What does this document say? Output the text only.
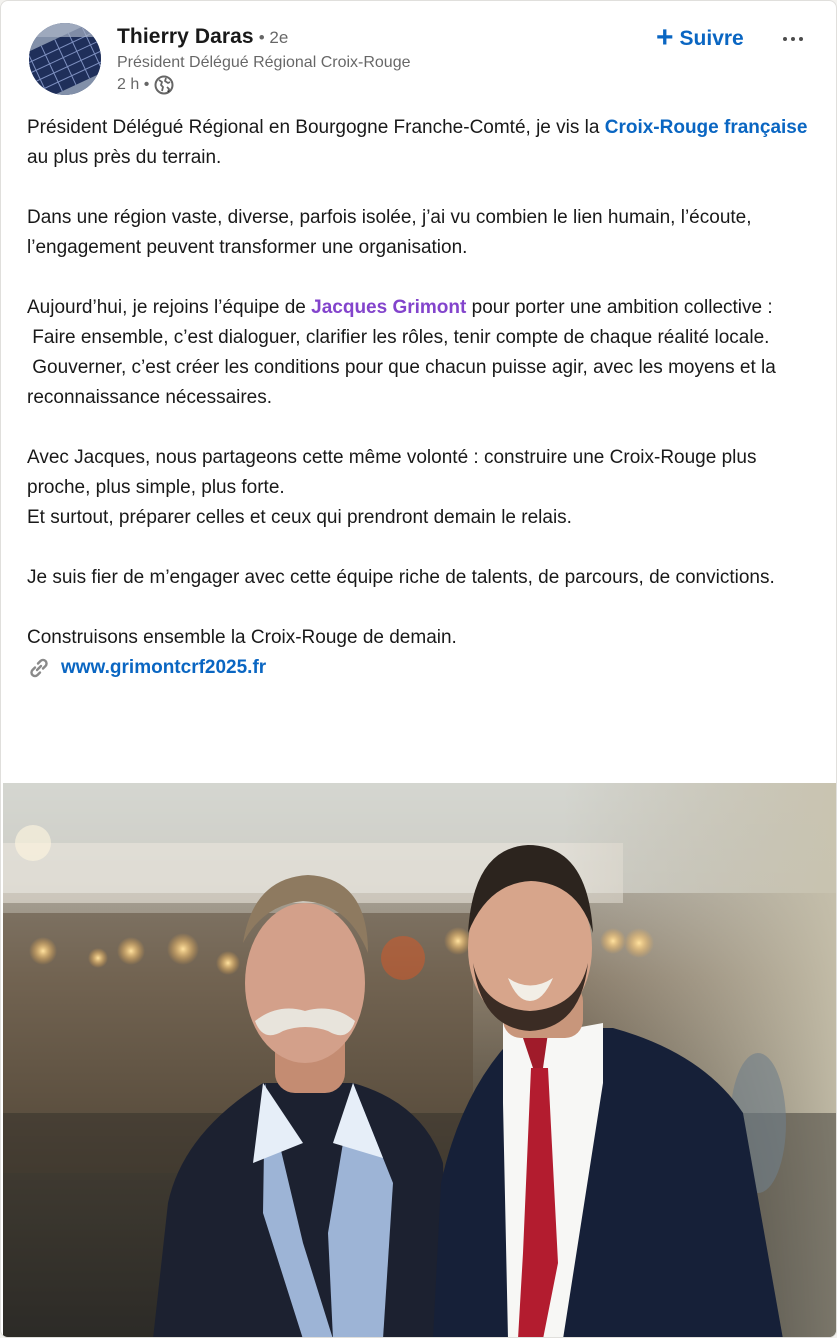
Thierry Daras • 2e
Président Délégué Régional Croix-Rouge
2 h •
+ Suivre

Président Délégué Régional en Bourgogne Franche-Comté, je vis la Croix-Rouge française au plus près du terrain.

Dans une région vaste, diverse, parfois isolée, j’ai vu combien le lien humain, l’écoute, l’engagement peuvent transformer une organisation.

Aujourd’hui, je rejoins l’équipe de Jacques Grimont pour porter une ambition collective :

Faire ensemble, c’est dialoguer, clarifier les rôles, tenir compte de chaque réalité locale.

Gouverner, c’est créer les conditions pour que chacun puisse agir, avec les moyens et la reconnaissance nécessaires.

Avec Jacques, nous partageons cette même volonté : construire une Croix-Rouge plus proche, plus simple, plus forte.

Et surtout, préparer celles et ceux qui prendront demain le relais.

Je suis fier de m’engager avec cette équipe riche de talents, de parcours, de convictions.

Construisons ensemble la Croix-Rouge de demain.

www.grimontcrf2025.fr
